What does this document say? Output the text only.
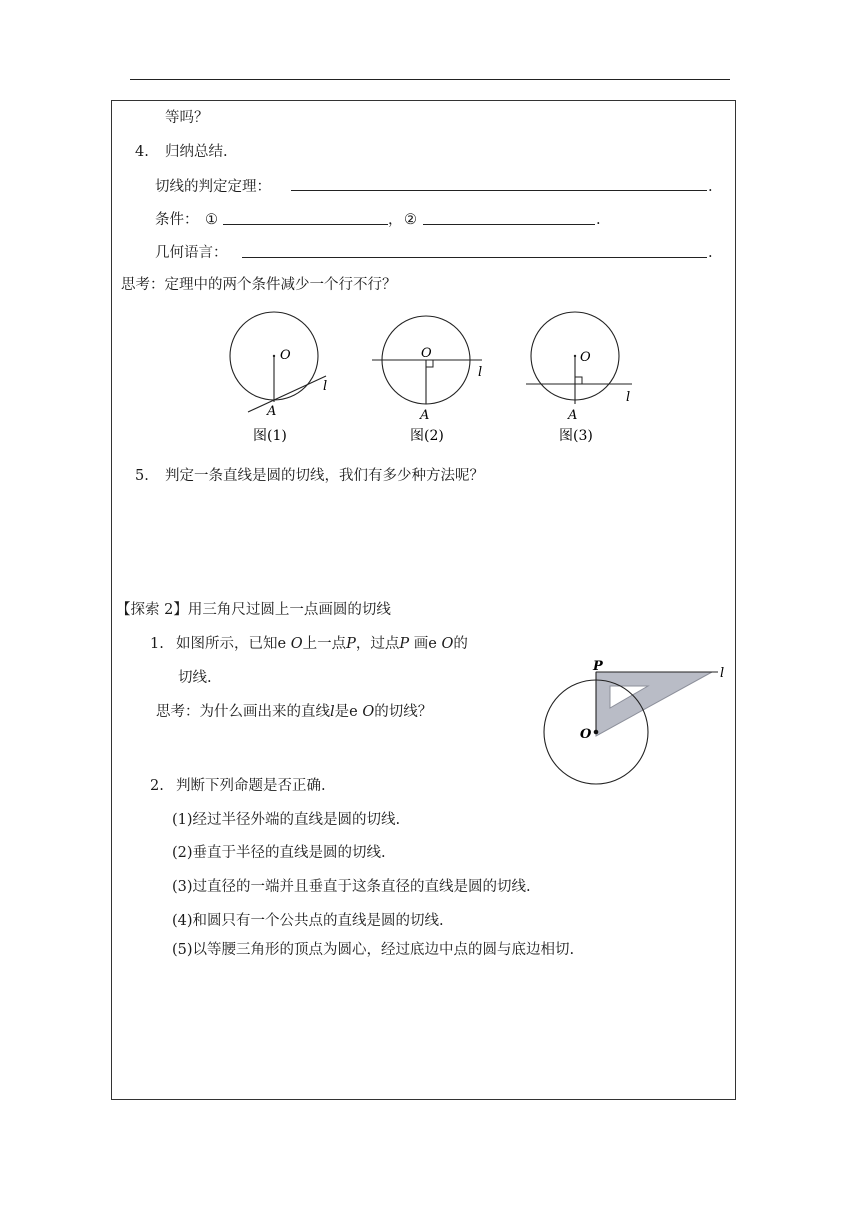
等吗？
4. 归纳总结.
切线的判定定理：	.
条件： ①	， ②	.
几何语言：	.
思考：定理中的两个条件减少一个行不行？
O
A
l
图(1)
O
A
l
图(2)
O
A
l
图(3)
5. 判定一条直线是圆的切线，我们有多少种方法呢？
【探索 2】用三角尺过圆上一点画圆的切线
1. 如图所示，已知e O上一点P，过点P 画e O的
切线.
思考：为什么画出来的直线l是e O的切线？
P	l
O
2. 判断下列命题是否正确.
(1)经过半径外端的直线是圆的切线.
(2)垂直于半径的直线是圆的切线.
(3)过直径的一端并且垂直于这条直径的直线是圆的切线.
(4)和圆只有一个公共点的直线是圆的切线.
(5)以等腰三角形的顶点为圆心，经过底边中点的圆与底边相切.
